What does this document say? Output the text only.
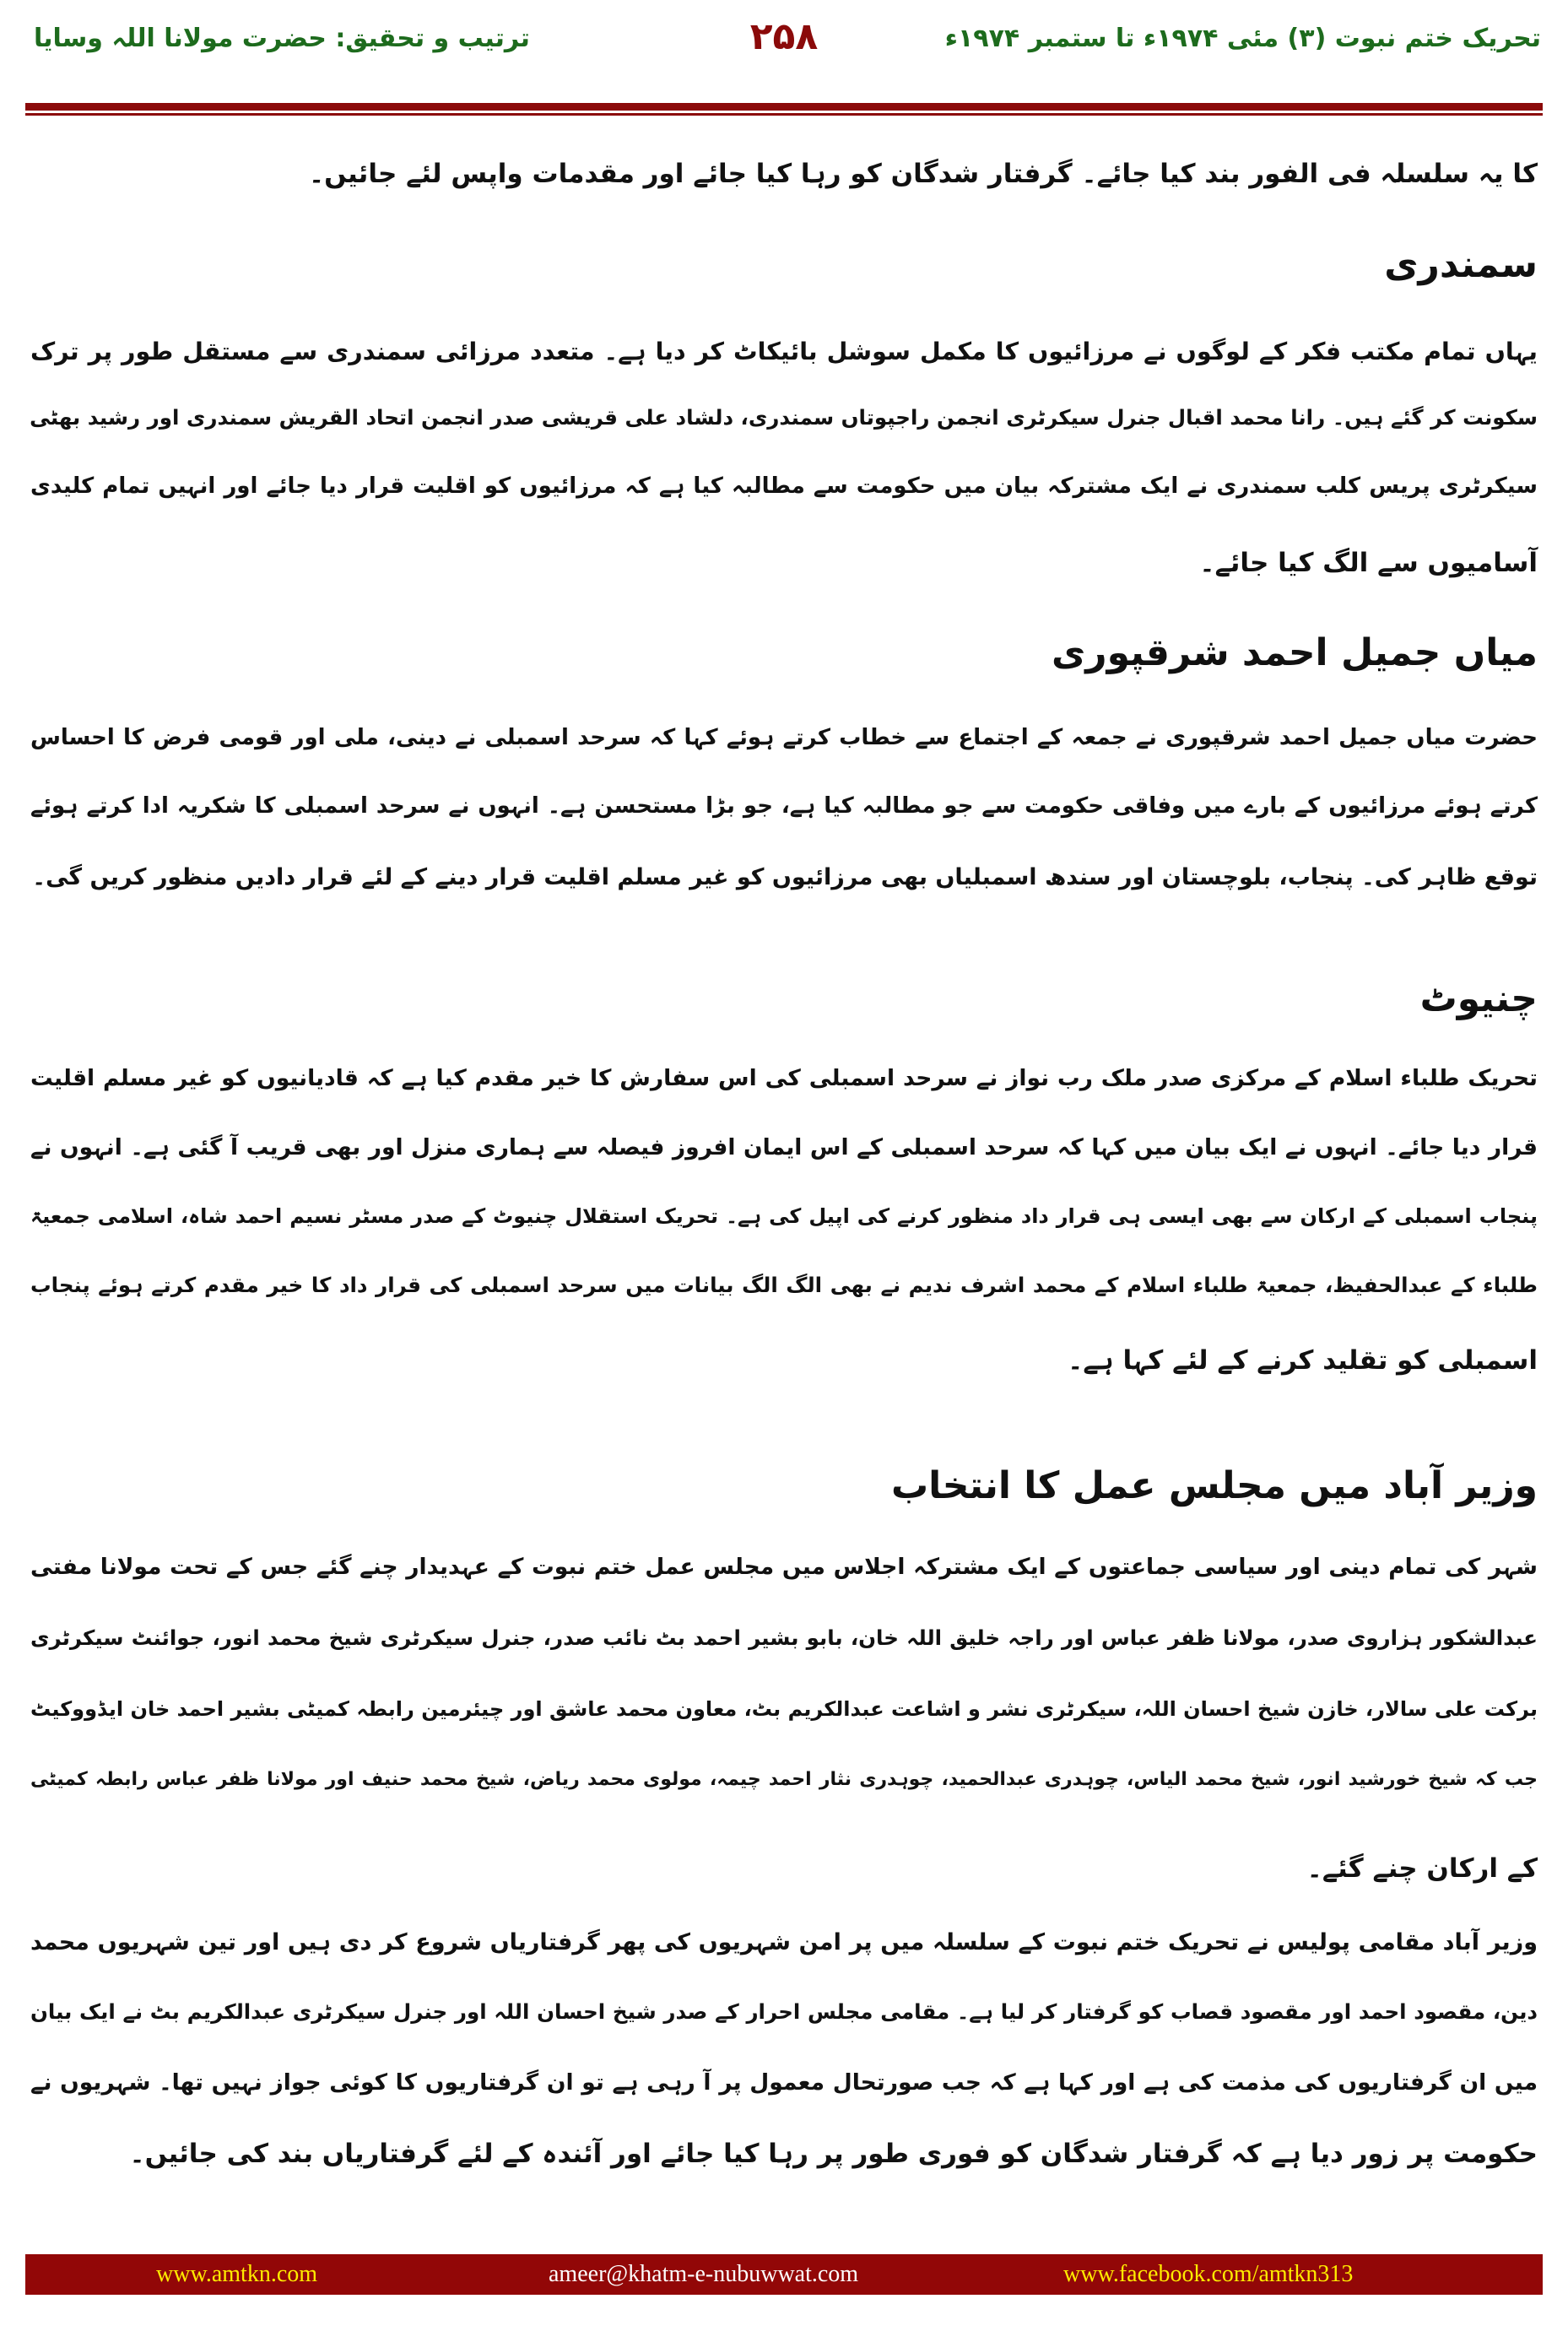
تحریک ختم نبوت (۳) مئی ۱۹۷۴ء تا ستمبر ۱۹۷۴ء
۲۵۸
ترتیب و تحقیق: حضرت مولانا اللہ وسایا
کا یہ سلسلہ فی الفور بند کیا جائے۔ گرفتار شدگان کو رہا کیا جائے اور مقدمات واپس لئے جائیں۔
سمندری
یہاں تمام مکتب فکر کے لوگوں نے مرزائیوں کا مکمل سوشل بائیکاٹ کر دیا ہے۔ متعدد مرزائی سمندری سے مستقل طور پر ترک
سکونت کر گئے ہیں۔ رانا محمد اقبال جنرل سیکرٹری انجمن راجپوتاں سمندری، دلشاد علی قریشی صدر انجمن اتحاد القریش سمندری اور رشید بھٹی
سیکرٹری پریس کلب سمندری نے ایک مشترکہ بیان میں حکومت سے مطالبہ کیا ہے کہ مرزائیوں کو اقلیت قرار دیا جائے اور انہیں تمام کلیدی
آسامیوں سے الگ کیا جائے۔
میاں جمیل احمد شرقپوری
حضرت میاں جمیل احمد شرقپوری نے جمعہ کے اجتماع سے خطاب کرتے ہوئے کہا کہ سرحد اسمبلی نے دینی، ملی اور قومی فرض کا احساس
کرتے ہوئے مرزائیوں کے بارے میں وفاقی حکومت سے جو مطالبہ کیا ہے، جو بڑا مستحسن ہے۔ انہوں نے سرحد اسمبلی کا شکریہ ادا کرتے ہوئے
توقع ظاہر کی۔ پنجاب، بلوچستان اور سندھ اسمبلیاں بھی مرزائیوں کو غیر مسلم اقلیت قرار دینے کے لئے قرار دادیں منظور کریں گی۔
چنیوٹ
تحریک طلباء اسلام کے مرکزی صدر ملک رب نواز نے سرحد اسمبلی کی اس سفارش کا خیر مقدم کیا ہے کہ قادیانیوں کو غیر مسلم اقلیت
قرار دیا جائے۔ انہوں نے ایک بیان میں کہا کہ سرحد اسمبلی کے اس ایمان افروز فیصلہ سے ہماری منزل اور بھی قریب آ گئی ہے۔ انہوں نے
پنجاب اسمبلی کے ارکان سے بھی ایسی ہی قرار داد منظور کرنے کی اپیل کی ہے۔ تحریک استقلال چنیوٹ کے صدر مسٹر نسیم احمد شاہ، اسلامی جمعیۃ
طلباء کے عبدالحفیظ، جمعیۃ طلباء اسلام کے محمد اشرف ندیم نے بھی الگ الگ بیانات میں سرحد اسمبلی کی قرار داد کا خیر مقدم کرتے ہوئے پنجاب
اسمبلی کو تقلید کرنے کے لئے کہا ہے۔
وزیر آباد میں مجلس عمل کا انتخاب
شہر کی تمام دینی اور سیاسی جماعتوں کے ایک مشترکہ اجلاس میں مجلس عمل ختم نبوت کے عہدیدار چنے گئے جس کے تحت مولانا مفتی
عبدالشکور ہزاروی صدر، مولانا ظفر عباس اور راجہ خلیق اللہ خان، بابو بشیر احمد بٹ نائب صدر، جنرل سیکرٹری شیخ محمد انور، جوائنٹ سیکرٹری
برکت علی سالار، خازن شیخ احسان اللہ، سیکرٹری نشر و اشاعت عبدالکریم بٹ، معاون محمد عاشق اور چیئرمین رابطہ کمیٹی بشیر احمد خان ایڈووکیٹ
جب کہ شیخ خورشید انور، شیخ محمد الیاس، چوہدری عبدالحمید، چوہدری نثار احمد چیمہ، مولوی محمد ریاض، شیخ محمد حنیف اور مولانا ظفر عباس رابطہ کمیٹی
کے ارکان چنے گئے۔
وزیر آباد مقامی پولیس نے تحریک ختم نبوت کے سلسلہ میں پر امن شہریوں کی پھر گرفتاریاں شروع کر دی ہیں اور تین شہریوں محمد
دین، مقصود احمد اور مقصود قصاب کو گرفتار کر لیا ہے۔ مقامی مجلس احرار کے صدر شیخ احسان اللہ اور جنرل سیکرٹری عبدالکریم بٹ نے ایک بیان
میں ان گرفتاریوں کی مذمت کی ہے اور کہا ہے کہ جب صورتحال معمول پر آ رہی ہے تو ان گرفتاریوں کا کوئی جواز نہیں تھا۔ شہریوں نے
حکومت پر زور دیا ہے کہ گرفتار شدگان کو فوری طور پر رہا کیا جائے اور آئندہ کے لئے گرفتاریاں بند کی جائیں۔
www.amtkn.com	ameer@khatm-e-nubuwwat.com	www.facebook.com/amtkn313
